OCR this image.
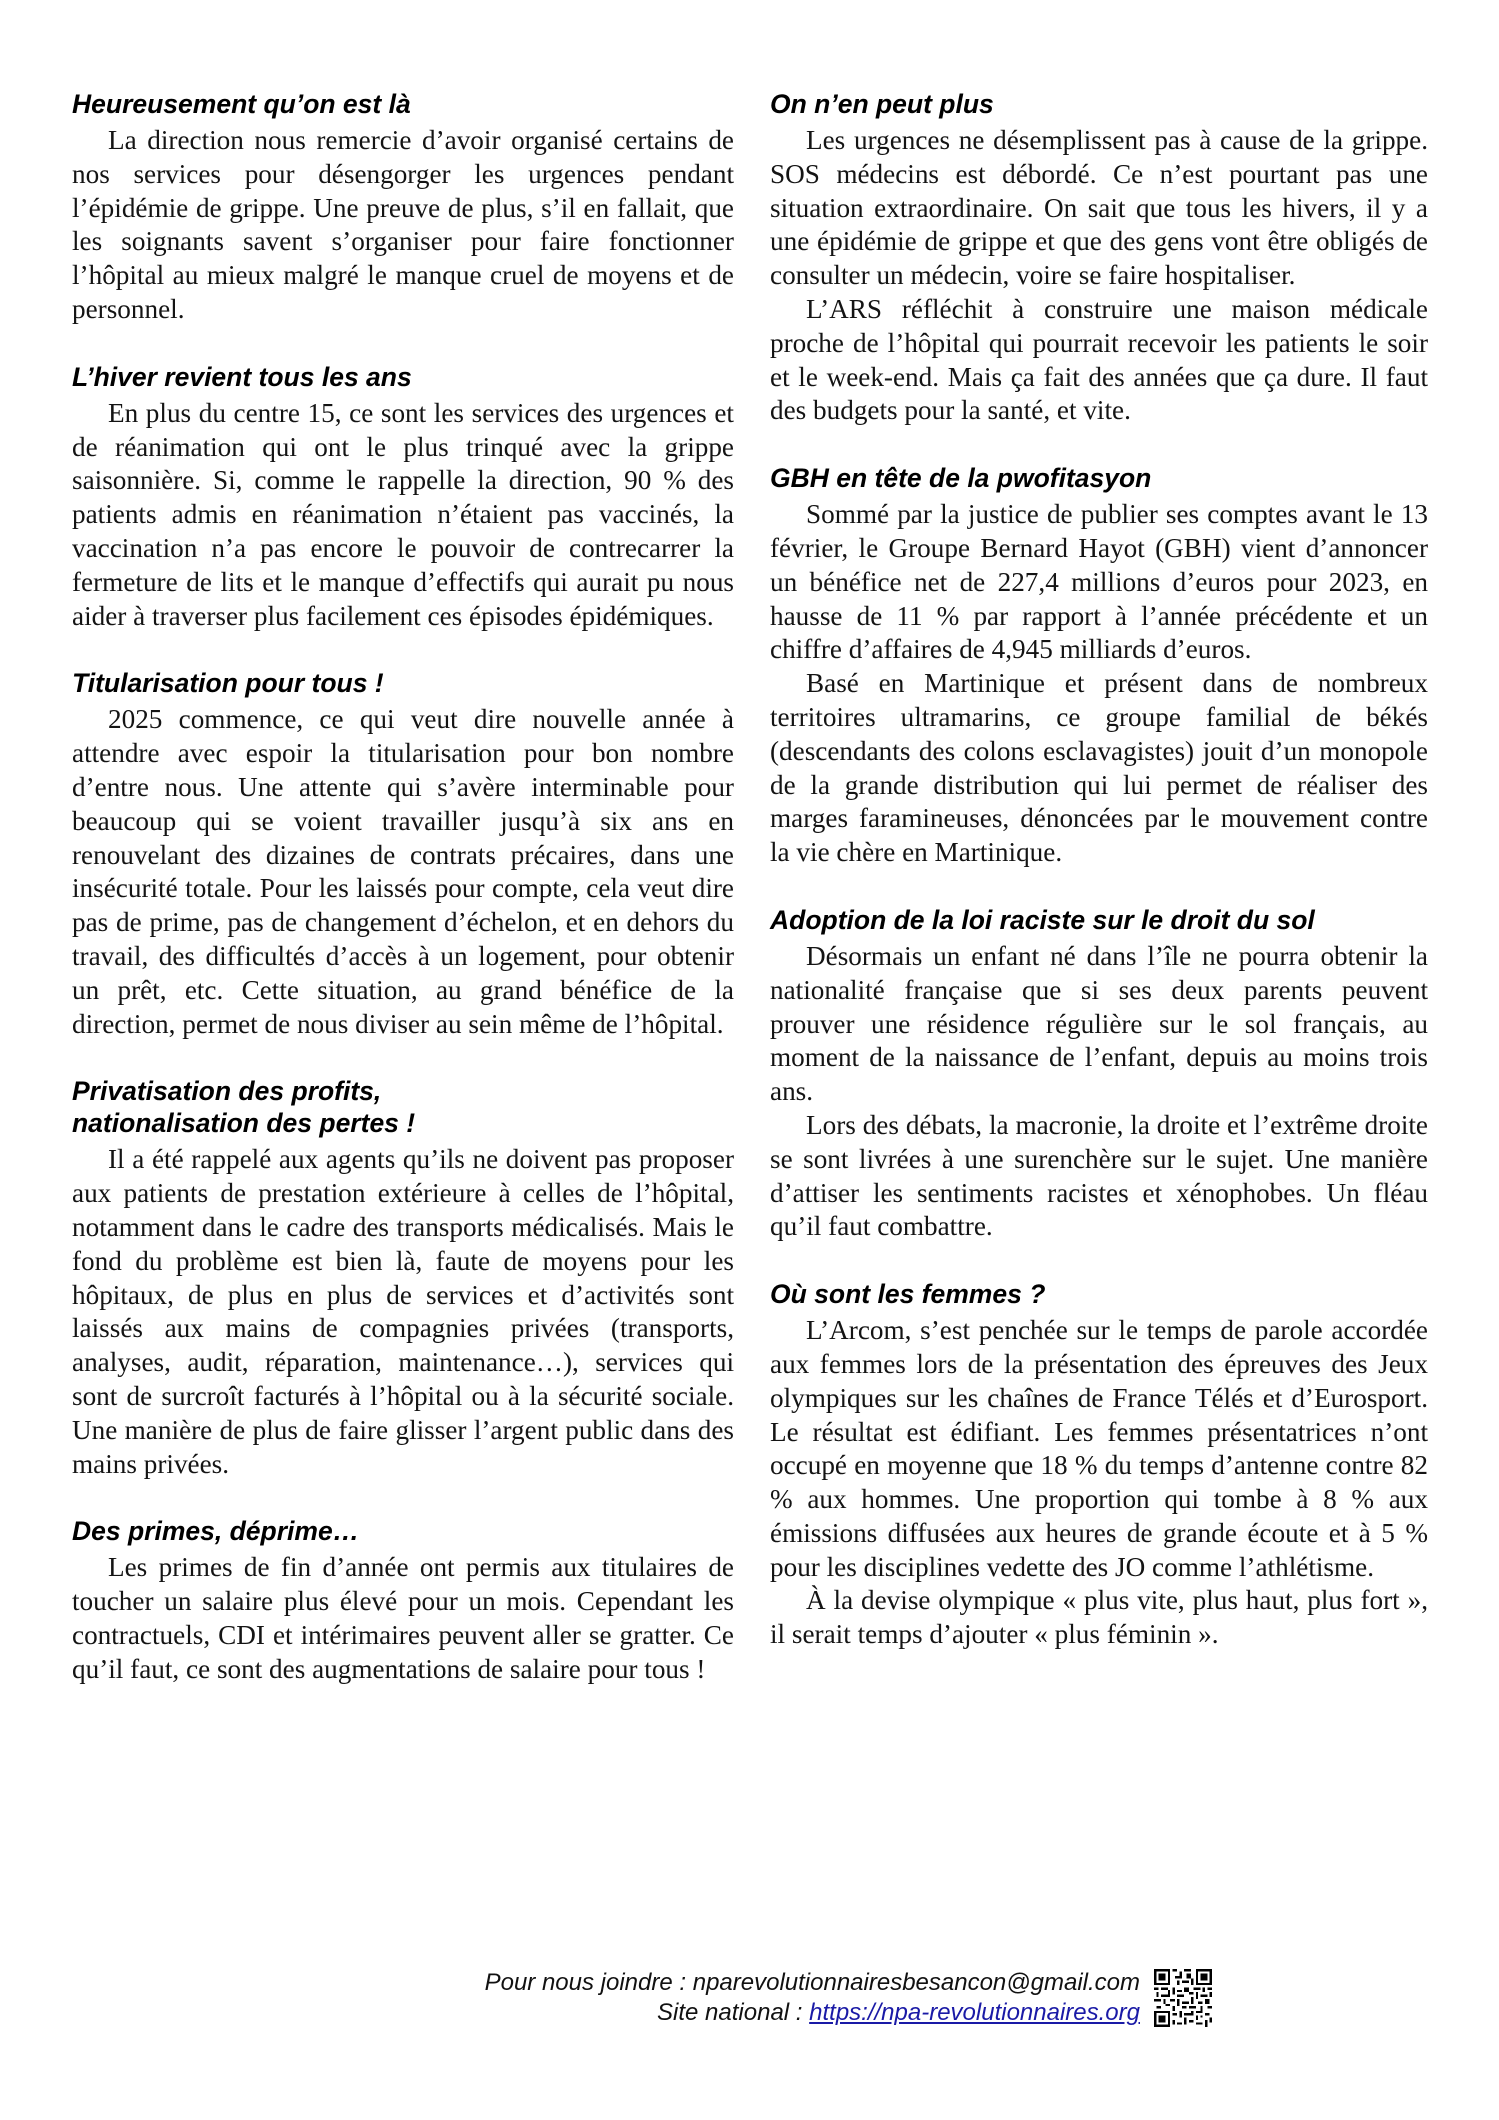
Heureusement qu’on est là

La direction nous remercie d’avoir organisé certains de nos services pour désengorger les urgences pendant l’épidémie de grippe. Une preuve de plus, s’il en fallait, que les soignants savent s’organiser pour faire fonctionner l’hôpital au mieux malgré le manque cruel de moyens et de personnel.

L’hiver revient tous les ans

En plus du centre 15, ce sont les services des urgences et de réanimation qui ont le plus trinqué avec la grippe saisonnière. Si, comme le rappelle la direction, 90 % des patients admis en réanimation n’étaient pas vaccinés, la vaccination n’a pas encore le pouvoir de contrecarrer la fermeture de lits et le manque d’effectifs qui aurait pu nous aider à traverser plus facilement ces épisodes épidémiques.

Titularisation pour tous !

2025 commence, ce qui veut dire nouvelle année à attendre avec espoir la titularisation pour bon nombre d’entre nous. Une attente qui s’avère interminable pour beaucoup qui se voient travailler jusqu’à six ans en renouvelant des dizaines de contrats précaires, dans une insécurité totale. Pour les laissés pour compte, cela veut dire pas de prime, pas de changement d’échelon, et en dehors du travail, des difficultés d’accès à un logement, pour obtenir un prêt, etc. Cette situation, au grand bénéfice de la direction, permet de nous diviser au sein même de l’hôpital.

Privatisation des profits,
nationalisation des pertes !

Il a été rappelé aux agents qu’ils ne doivent pas proposer aux patients de prestation extérieure à celles de l’hôpital, notamment dans le cadre des transports médicalisés. Mais le fond du problème est bien là, faute de moyens pour les hôpitaux, de plus en plus de services et d’activités sont laissés aux mains de compagnies privées (transports, analyses, audit, réparation, maintenance…), services qui sont de surcroît facturés à l’hôpital ou à la sécurité sociale. Une manière de plus de faire glisser l’argent public dans des mains privées.

Des primes, déprime…

Les primes de fin d’année ont permis aux titulaires de toucher un salaire plus élevé pour un mois. Cependant les contractuels, CDI et intérimaires peuvent aller se gratter. Ce qu’il faut, ce sont des augmentations de salaire pour tous !

On n’en peut plus

Les urgences ne désemplissent pas à cause de la grippe. SOS médecins est débordé. Ce n’est pourtant pas une situation extraordinaire. On sait que tous les hivers, il y a une épidémie de grippe et que des gens vont être obligés de consulter un médecin, voire se faire hospitaliser.

L’ARS réfléchit à construire une maison médicale proche de l’hôpital qui pourrait recevoir les patients le soir et le week-end. Mais ça fait des années que ça dure. Il faut des budgets pour la santé, et vite.

GBH en tête de la pwofitasyon

Sommé par la justice de publier ses comptes avant le 13 février, le Groupe Bernard Hayot (GBH) vient d’annoncer un bénéfice net de 227,4 millions d’euros pour 2023, en hausse de 11 % par rapport à l’année précédente et un chiffre d’affaires de 4,945 milliards d’euros.

Basé en Martinique et présent dans de nombreux territoires ultramarins, ce groupe familial de békés (descendants des colons esclavagistes) jouit d’un monopole de la grande distribution qui lui permet de réaliser des marges faramineuses, dénoncées par le mouvement contre la vie chère en Martinique.

Adoption de la loi raciste sur le droit du sol

Désormais un enfant né dans l’île ne pourra obtenir la nationalité française que si ses deux parents peuvent prouver une résidence régulière sur le sol français, au moment de la naissance de l’enfant, depuis au moins trois ans.

Lors des débats, la macronie, la droite et l’extrême droite se sont livrées à une surenchère sur le sujet. Une manière d’attiser les sentiments racistes et xénophobes. Un fléau qu’il faut combattre.

Où sont les femmes ?

L’Arcom, s’est penchée sur le temps de parole accordée aux femmes lors de la présentation des épreuves des Jeux olympiques sur les chaînes de France Télés et d’Eurosport. Le résultat est édifiant. Les femmes présentatrices n’ont occupé en moyenne que 18 % du temps d’antenne contre 82 % aux hommes. Une proportion qui tombe à 8 % aux émissions diffusées aux heures de grande écoute et à 5 % pour les disciplines vedette des JO comme l’athlétisme.

À la devise olympique « plus vite, plus haut, plus fort », il serait temps d’ajouter « plus féminin ».

Pour nous joindre : nparevolutionnairesbesancon@gmail.com
Site national : https://npa-revolutionnaires.org
